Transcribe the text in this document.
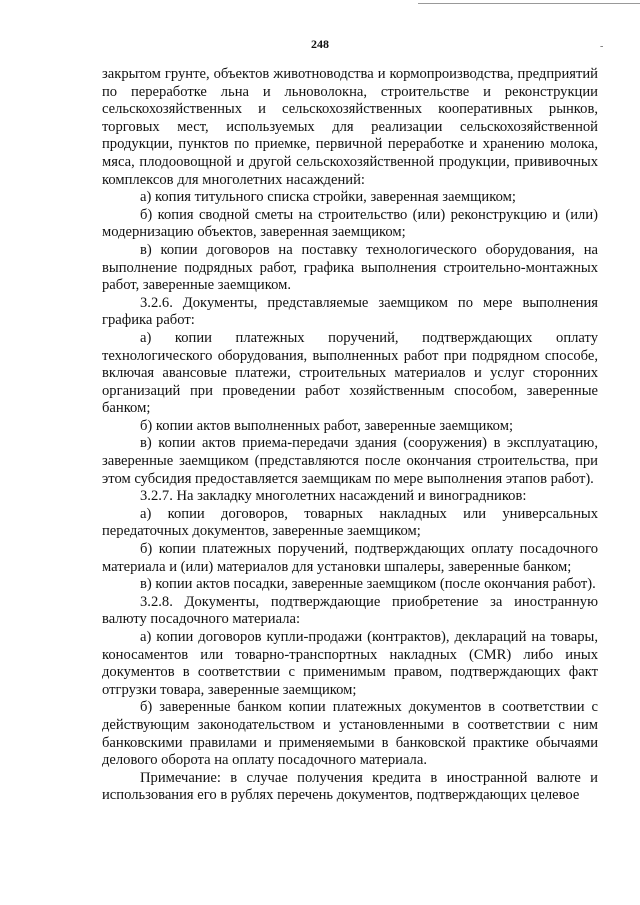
248	-

закрытом грунте, объектов животноводства и кормопроизводства, предприятий по переработке льна и льноволокна, строительстве и реконструкции сельскохозяйственных и сельскохозяйственных кооперативных рынков, торговых мест, используемых для реализации сельскохозяйственной продукции, пунктов по приемке, первичной переработке и хранению молока, мяса, плодоовощной и другой сельскохозяйственной продукции, прививочных комплексов для многолетних насаждений:

а) копия титульного списка стройки, заверенная заемщиком;

б) копия сводной сметы на строительство (или) реконструкцию и (или) модернизацию объектов, заверенная заемщиком;

в) копии договоров на поставку технологического оборудования, на выполнение подрядных работ, графика выполнения строительно-монтажных работ, заверенные заемщиком.

3.2.6. Документы, представляемые заемщиком по мере выполнения графика работ:

а) копии платежных поручений, подтверждающих оплату технологического оборудования, выполненных работ при подрядном способе, включая авансовые платежи, строительных материалов и услуг сторонних организаций при проведении работ хозяйственным способом, заверенные банком;

б) копии актов выполненных работ, заверенные заемщиком;

в) копии актов приема-передачи здания (сооружения) в эксплуатацию, заверенные заемщиком (представляются после окончания строительства, при этом субсидия предоставляется заемщикам по мере выполнения этапов работ).

3.2.7. На закладку многолетних насаждений и виноградников:

а) копии договоров, товарных накладных или универсальных передаточных документов, заверенные заемщиком;

б) копии платежных поручений, подтверждающих оплату посадочного материала и (или) материалов для установки шпалеры, заверенные банком;

в) копии актов посадки, заверенные заемщиком (после окончания работ).

3.2.8. Документы, подтверждающие приобретение за иностранную валюту посадочного материала:

а) копии договоров купли-продажи (контрактов), деклараций на товары, коносаментов или товарно-транспортных накладных (CMR) либо иных документов в соответствии с применимым правом, подтверждающих факт отгрузки товара, заверенные заемщиком;

б) заверенные банком копии платежных документов в соответствии с действующим законодательством и установленными в соответствии с ним банковскими правилами и применяемыми в банковской практике обычаями делового оборота на оплату посадочного материала.

Примечание: в случае получения кредита в иностранной валюте и использования его в рублях перечень документов, подтверждающих целевое
